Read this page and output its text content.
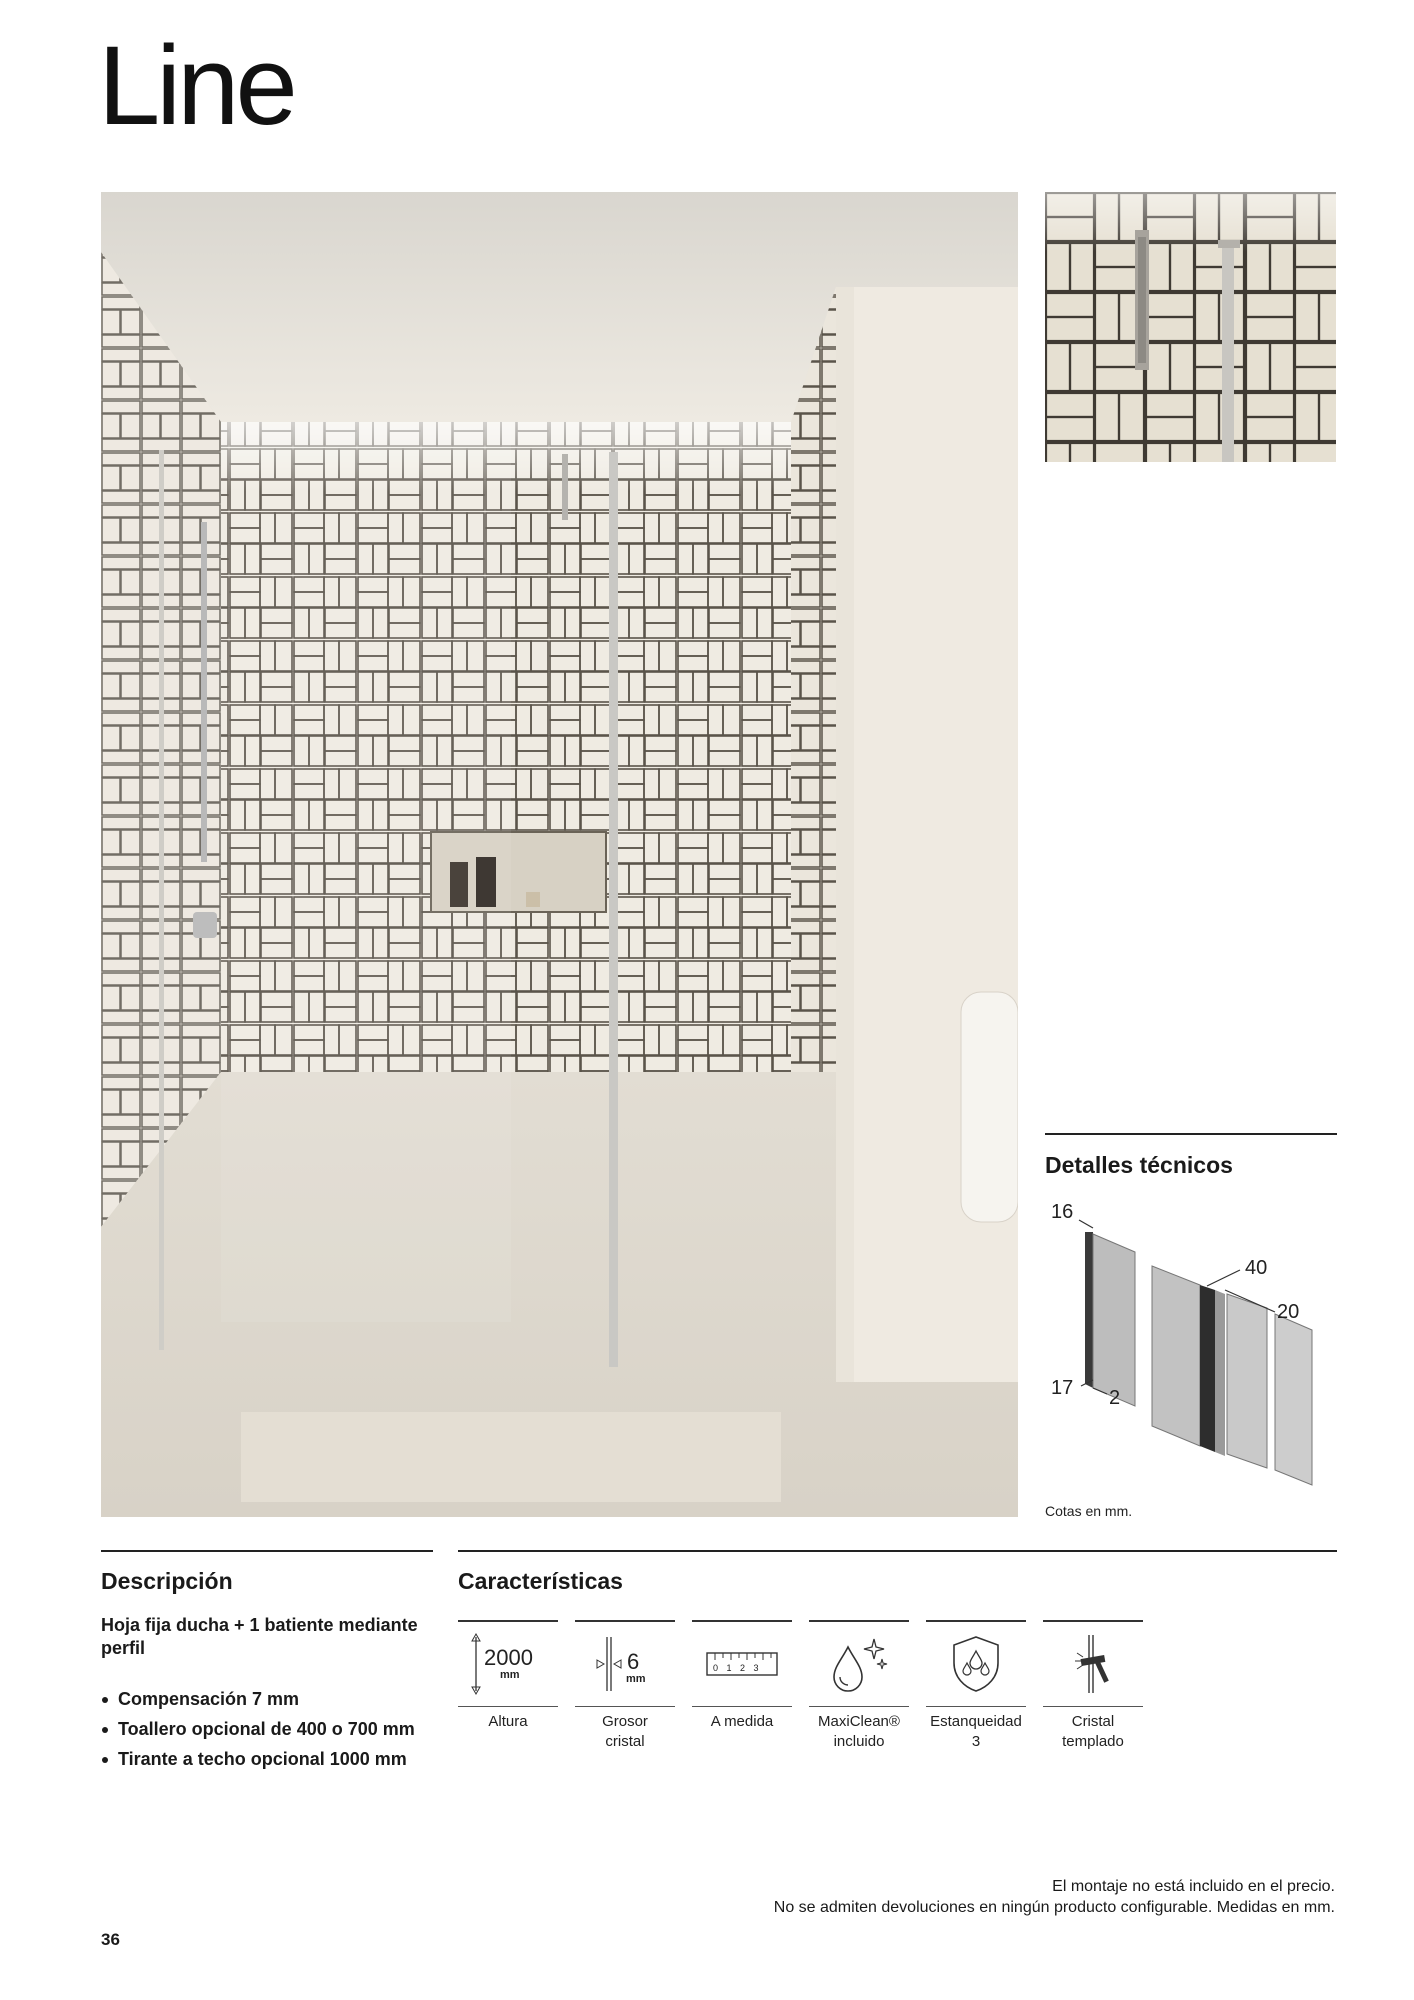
Line
Detalles técnicos
16
40
20
17 2
Cotas en mm.
Descripción
Hoja fija ducha + 1 batiente mediante perfil
Compensación 7 mm
Toallero opcional de 400 o 700 mm
Tirante a techo opcional 1000 mm
Características
2000
mm
Altura
6
mm
Grosor
cristal
0 1 2 3
A medida	MaxiClean®
incluido
Estanqueidad
3
Cristal
templado
El montaje no está incluido en el precio.
No se admiten devoluciones en ningún producto configurable. Medidas en mm.
36
